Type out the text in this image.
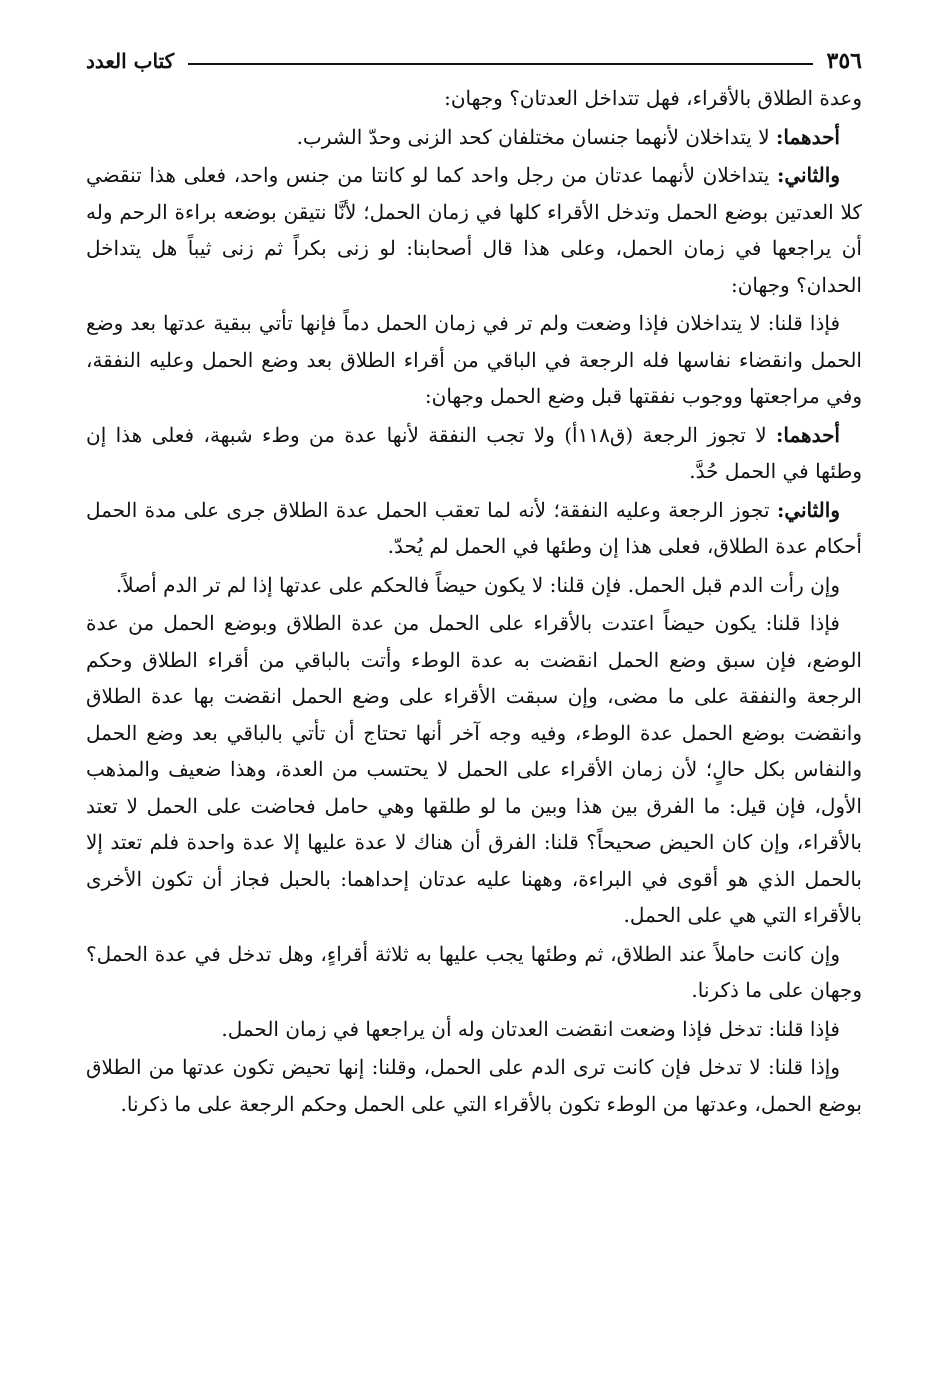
٣٥٦
كتاب العدد

وعدة الطلاق بالأقراء، فهل تتداخل العدتان؟ وجهان:

أحدهما: لا يتداخلان لأنهما جنسان مختلفان كحد الزنى وحدّ الشرب.

والثاني: يتداخلان لأنهما عدتان من رجل واحد كما لو كانتا من جنس واحد، فعلى هذا تنقضي كلا العدتين بوضع الحمل وتدخل الأقراء كلها في زمان الحمل؛ لأنَّا نتيقن بوضعه براءة الرحم وله أن يراجعها في زمان الحمل، وعلى هذا قال أصحابنا: لو زنى بكراً ثم زنى ثيباً هل يتداخل الحدان؟ وجهان:

فإذا قلنا: لا يتداخلان فإذا وضعت ولم تر في زمان الحمل دماً فإنها تأتي ببقية عدتها بعد وضع الحمل وانقضاء نفاسها فله الرجعة في الباقي من أقراء الطلاق بعد وضع الحمل وعليه النفقة، وفي مراجعتها ووجوب نفقتها قبل وضع الحمل وجهان:

أحدهما: لا تجوز الرجعة (ق١١٨أ) ولا تجب النفقة لأنها عدة من وطء شبهة، فعلى هذا إن وطئها في الحمل حُدَّ.

والثاني: تجوز الرجعة وعليه النفقة؛ لأنه لما تعقب الحمل عدة الطلاق جرى على مدة الحمل أحكام عدة الطلاق، فعلى هذا إن وطئها في الحمل لم يُحدّ.

وإن رأت الدم قبل الحمل. فإن قلنا: لا يكون حيضاً فالحكم على عدتها إذا لم تر الدم أصلاً.

فإذا قلنا: يكون حيضاً اعتدت بالأقراء على الحمل من عدة الطلاق وبوضع الحمل من عدة الوضع، فإن سبق وضع الحمل انقضت به عدة الوطء وأتت بالباقي من أقراء الطلاق وحكم الرجعة والنفقة على ما مضى، وإن سبقت الأقراء على وضع الحمل انقضت بها عدة الطلاق وانقضت بوضع الحمل عدة الوطء، وفيه وجه آخر أنها تحتاج أن تأتي بالباقي بعد وضع الحمل والنفاس بكل حالٍ؛ لأن زمان الأقراء على الحمل لا يحتسب من العدة، وهذا ضعيف والمذهب الأول، فإن قيل: ما الفرق بين هذا وبين ما لو طلقها وهي حامل فحاضت على الحمل لا تعتد بالأقراء، وإن كان الحيض صحيحاً؟ قلنا: الفرق أن هناك لا عدة عليها إلا عدة واحدة فلم تعتد إلا بالحمل الذي هو أقوى في البراءة، وههنا عليه عدتان إحداهما: بالحبل فجاز أن تكون الأخرى بالأقراء التي هي على الحمل.

وإن كانت حاملاً عند الطلاق، ثم وطئها يجب عليها به ثلاثة أقراءٍ، وهل تدخل في عدة الحمل؟ وجهان على ما ذكرنا.

فإذا قلنا: تدخل فإذا وضعت انقضت العدتان وله أن يراجعها في زمان الحمل.

وإذا قلنا: لا تدخل فإن كانت ترى الدم على الحمل، وقلنا: إنها تحيض تكون عدتها من الطلاق بوضع الحمل، وعدتها من الوطء تكون بالأقراء التي على الحمل وحكم الرجعة على ما ذكرنا.
